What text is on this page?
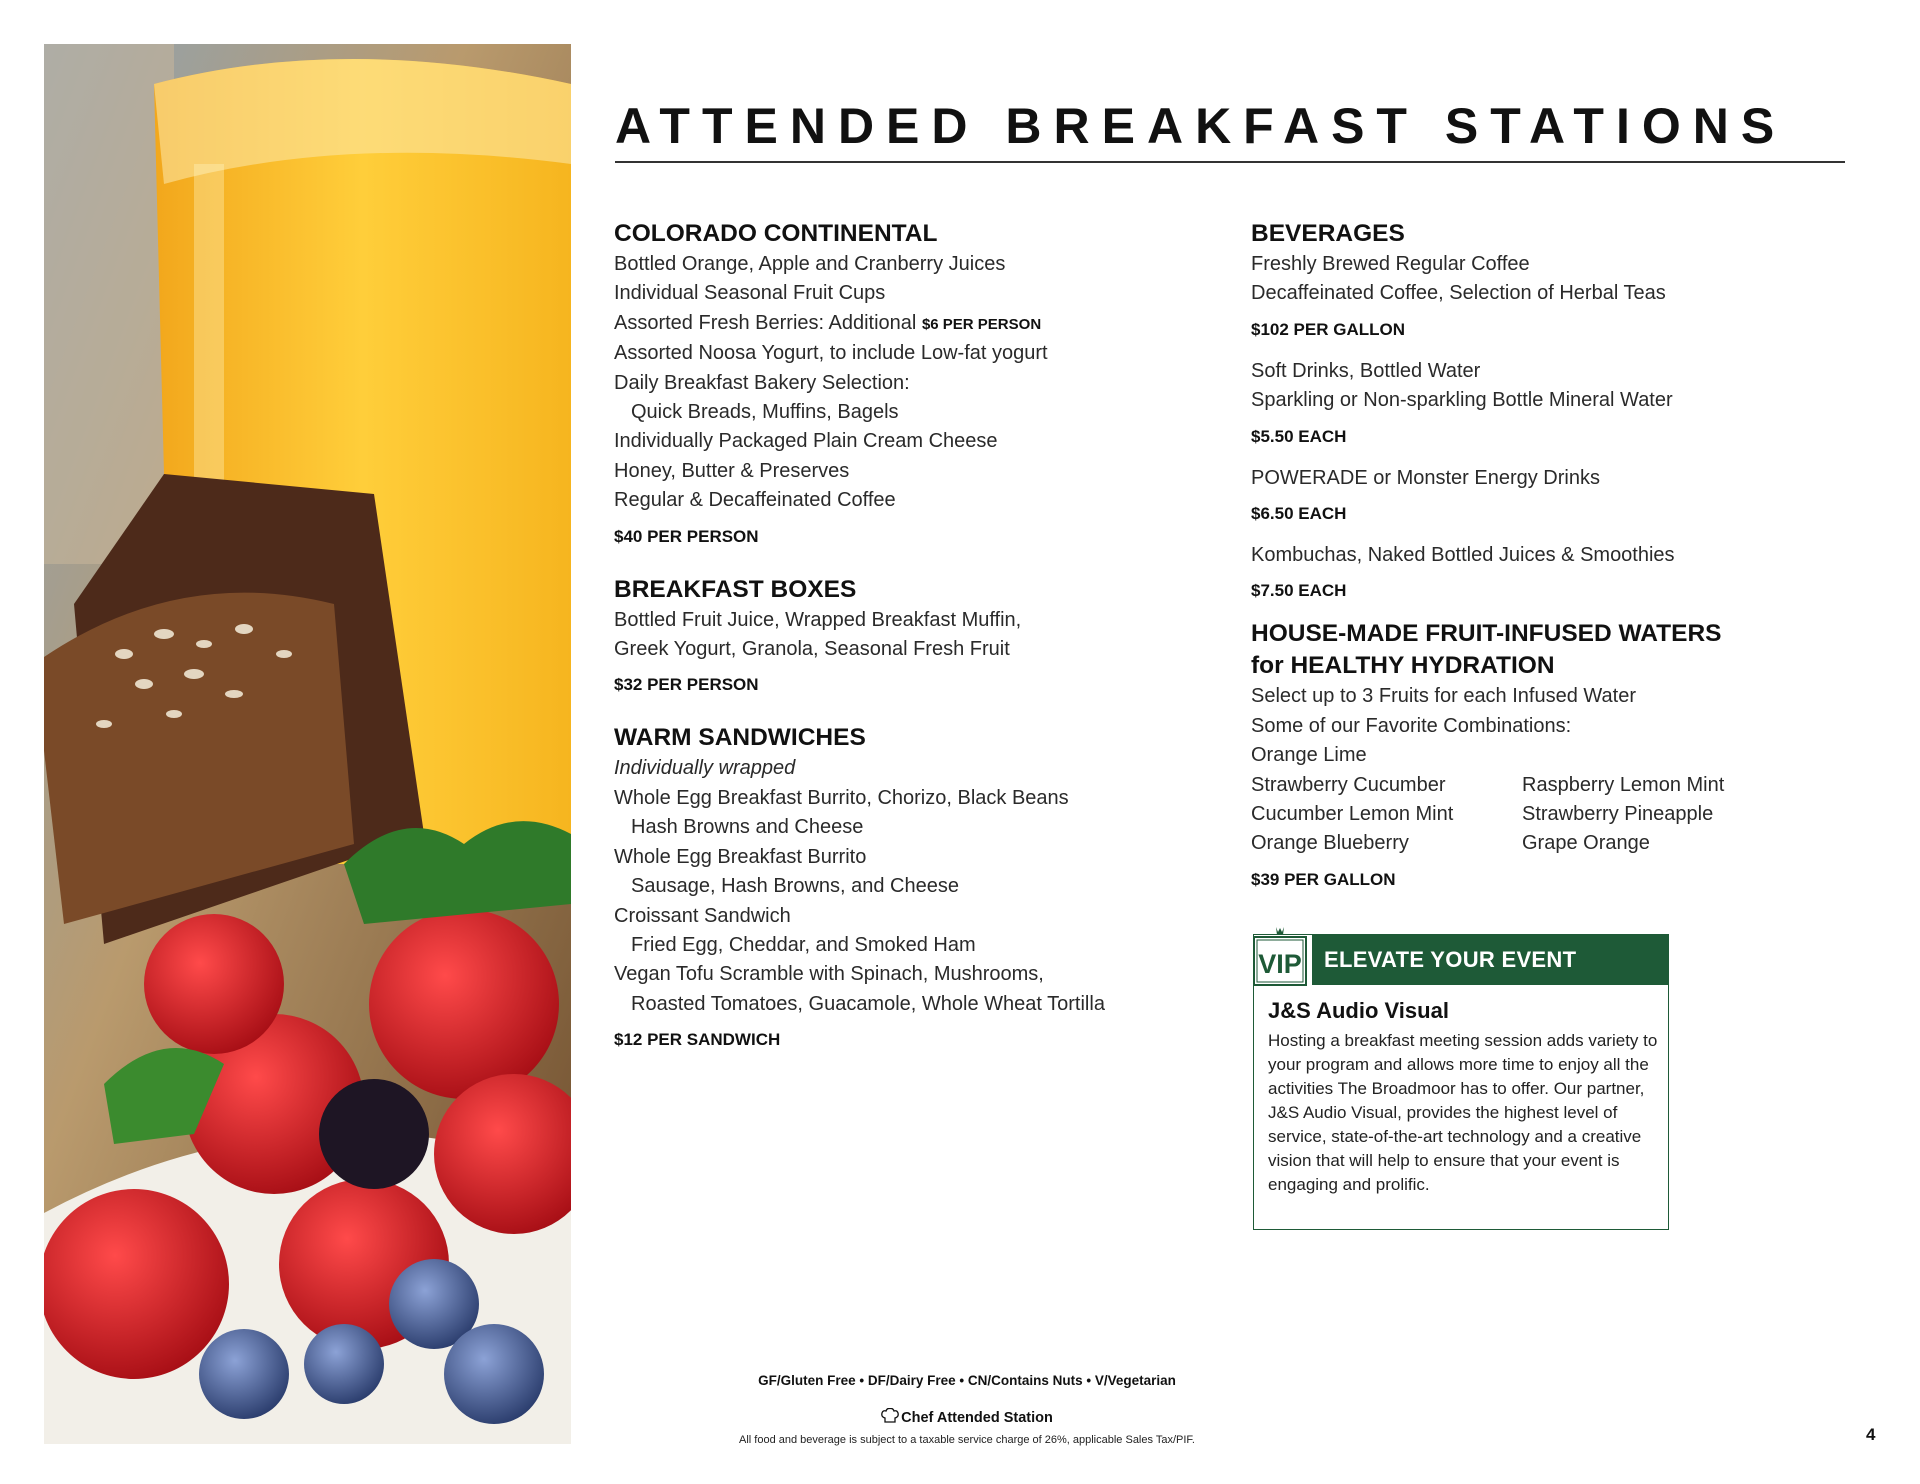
ATTENDED BREAKFAST STATIONS
COLORADO CONTINENTAL
Bottled Orange, Apple and Cranberry Juices
Individual Seasonal Fruit Cups
Assorted Fresh Berries: Additional $6 PER PERSON
Assorted Noosa Yogurt, to include Low-fat yogurt
Daily Breakfast Bakery Selection:
Quick Breads, Muffins, Bagels
Individually Packaged Plain Cream Cheese
Honey, Butter & Preserves
Regular & Decaffeinated Coffee
$40 PER PERSON
BREAKFAST BOXES
Bottled Fruit Juice, Wrapped Breakfast Muffin,
Greek Yogurt, Granola, Seasonal Fresh Fruit
$32 PER PERSON
WARM SANDWICHES
Individually wrapped
Whole Egg Breakfast Burrito, Chorizo, Black Beans
Hash Browns and Cheese
Whole Egg Breakfast Burrito
Sausage, Hash Browns, and Cheese
Croissant Sandwich
Fried Egg, Cheddar, and Smoked Ham
Vegan Tofu Scramble with Spinach, Mushrooms,
Roasted Tomatoes, Guacamole, Whole Wheat Tortilla
$12 PER SANDWICH
BEVERAGES
Freshly Brewed Regular Coffee
Decaffeinated Coffee, Selection of Herbal Teas
$102 PER GALLON
Soft Drinks, Bottled Water
Sparkling or Non-sparkling Bottle Mineral Water
$5.50 EACH
POWERADE or Monster Energy Drinks
$6.50 EACH
Kombuchas, Naked Bottled Juices & Smoothies
$7.50 EACH
HOUSE-MADE FRUIT-INFUSED WATERS
for HEALTHY HYDRATION
Select up to 3 Fruits for each Infused Water
Some of our Favorite Combinations:
Orange Lime
Strawberry Cucumber	Raspberry Lemon Mint
Cucumber Lemon Mint	Strawberry Pineapple
Orange Blueberry	Grape Orange
$39 PER GALLON
VIP	ELEVATE YOUR EVENT
J&S Audio Visual
Hosting a breakfast meeting session adds variety to your program and allows more time to enjoy all the activities The Broadmoor has to offer. Our partner, J&S Audio Visual, provides the highest level of service, state-of-the-art technology and a creative vision that will help to ensure that your event is engaging and prolific.
GF/Gluten Free • DF/Dairy Free • CN/Contains Nuts • V/Vegetarian
Chef Attended Station
All food and beverage is subject to a taxable service charge of 26%, applicable Sales Tax/PIF.	4
